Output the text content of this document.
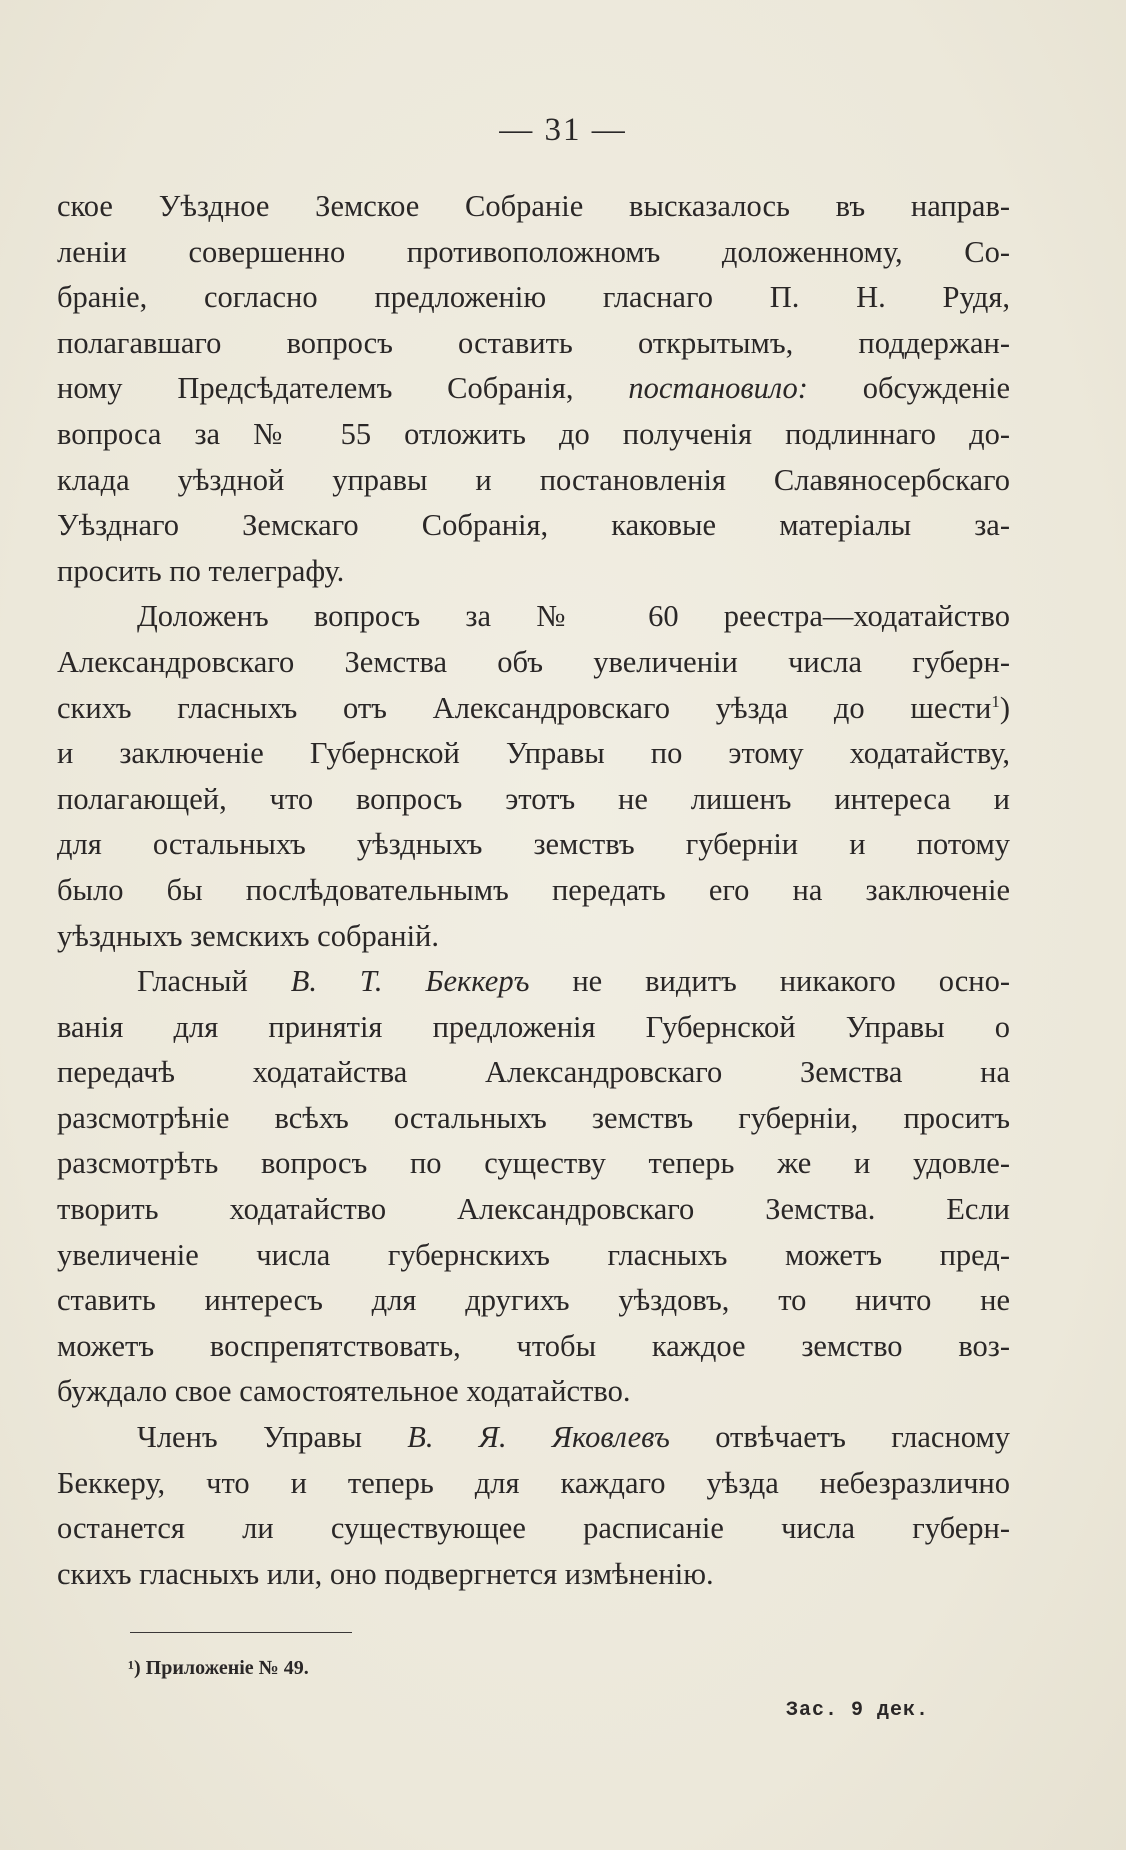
— 31 —

ское Уѣздное Земское Собраніе высказалось въ направ-
леніи совершенно противоположномъ доложенному, Со-
браніе, согласно предложенію гласнаго П. Н. Рудя,
полагавшаго вопросъ оставить открытымъ, поддержан-
ному Предсѣдателемъ Собранія, постановило: обсужденіе
вопроса за № 55 отложить до полученія подлиннаго до-
клада уѣздной управы и постановленія Славяносербскаго
Уѣзднаго Земскаго Собранія, каковые матеріалы за-
просить по телеграфу.

Доложенъ вопросъ за № 60 реестра—ходатайство
Александровскаго Земства объ увеличеніи числа губерн-
скихъ гласныхъ отъ Александровскаго уѣзда до шести$^1$)
и заключеніе Губернской Управы по этому ходатайству,
полагающей, что вопросъ этотъ не лишенъ интереса и
для остальныхъ уѣздныхъ земствъ губерніи и потому
было бы послѣдовательнымъ передать его на заключеніе
уѣздныхъ земскихъ собраній.

Гласный В. Т. Беккеръ не видитъ никакого осно-
ванія для принятія предложенія Губернской Управы о
передачѣ ходатайства Александровскаго Земства на
разсмотрѣніе всѣхъ остальныхъ земствъ губерніи, проситъ
разсмотрѣть вопросъ по существу теперь же и удовле-
творить ходатайство Александровскаго Земства. Если
увеличеніе числа губернскихъ гласныхъ можетъ пред-
ставить интересъ для другихъ уѣздовъ, то ничто не
можетъ воспрепятствовать, чтобы каждое земство воз-
буждало свое самостоятельное ходатайство.

Членъ Управы В. Я. Яковлевъ отвѣчаетъ гласному
Беккеру, что и теперь для каждаго уѣзда небезразлично
останется ли существующее расписаніе числа губерн-
скихъ гласныхъ или, оно подвергнется измѣненію.

¹) Приложеніе № 49.
Зас. 9 дек.
